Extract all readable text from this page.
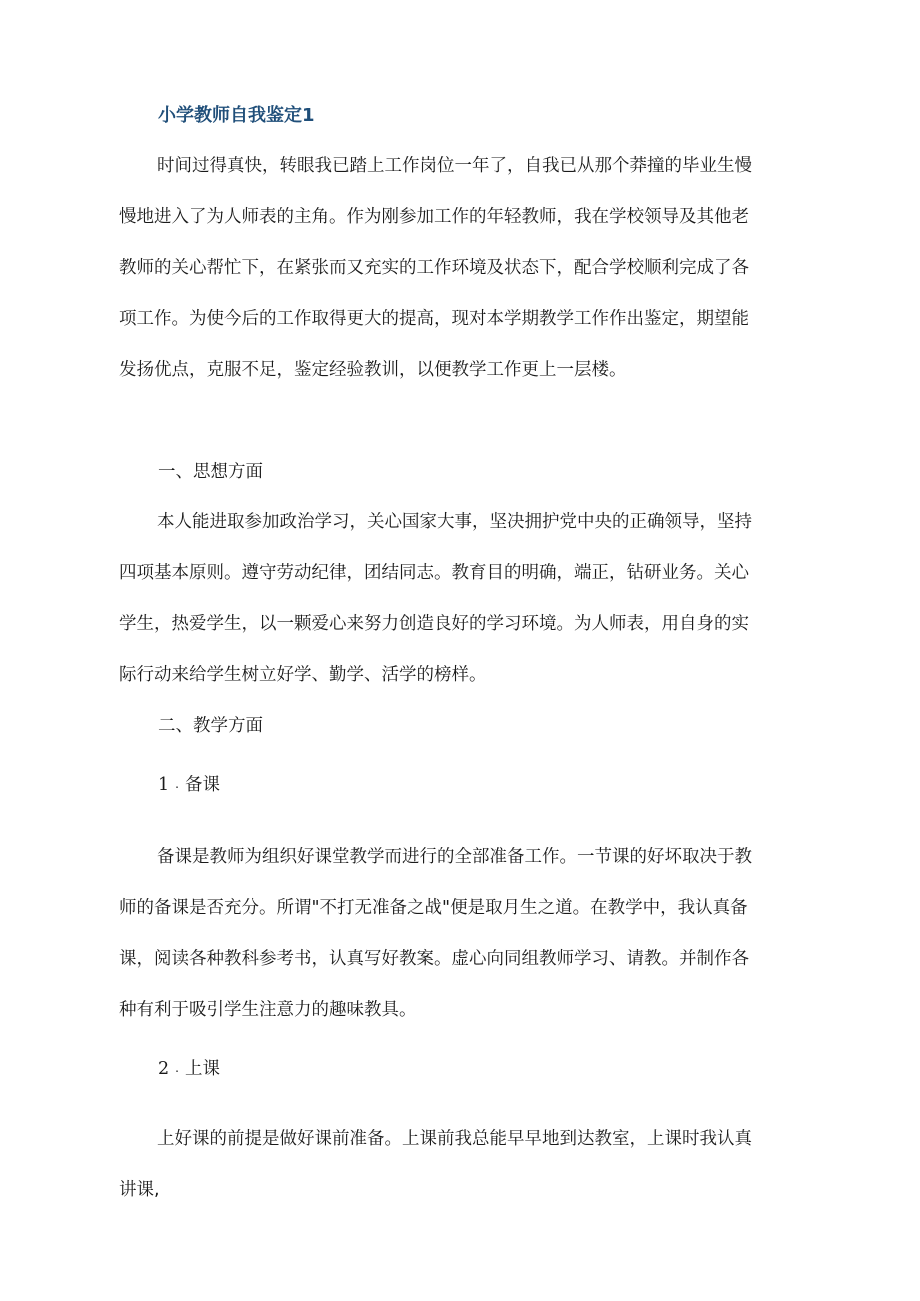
小学教师自我鉴定1

时间过得真快，转眼我已踏上工作岗位一年了，自我已从那个莽撞的毕业生慢慢地进入了为人师表的主角。作为刚参加工作的年轻教师，我在学校领导及其他老教师的关心帮忙下，在紧张而又充实的工作环境及状态下，配合学校顺利完成了各项工作。为使今后的工作取得更大的提高，现对本学期教学工作作出鉴定，期望能发扬优点，克服不足，鉴定经验教训，以便教学工作更上一层楼。

一、思想方面

本人能进取参加政治学习，关心国家大事，坚决拥护党中央的正确领导，坚持四项基本原则。遵守劳动纪律，团结同志。教育目的明确，端正，钻研业务。关心学生，热爱学生，以一颗爱心来努力创造良好的学习环境。为人师表，用自身的实际行动来给学生树立好学、勤学、活学的榜样。

二、教学方面
1 . 备课

备课是教师为组织好课堂教学而进行的全部准备工作。一节课的好坏取决于教师的备课是否充分。所谓"不打无准备之战"便是取月生之道。在教学中，我认真备课，阅读各种教科参考书，认真写好教案。虚心向同组教师学习、请教。并制作各种有利于吸引学生注意力的趣味教具。

2 . 上课

上好课的前提是做好课前准备。上课前我总能早早地到达教室，上课时我认真讲课,
